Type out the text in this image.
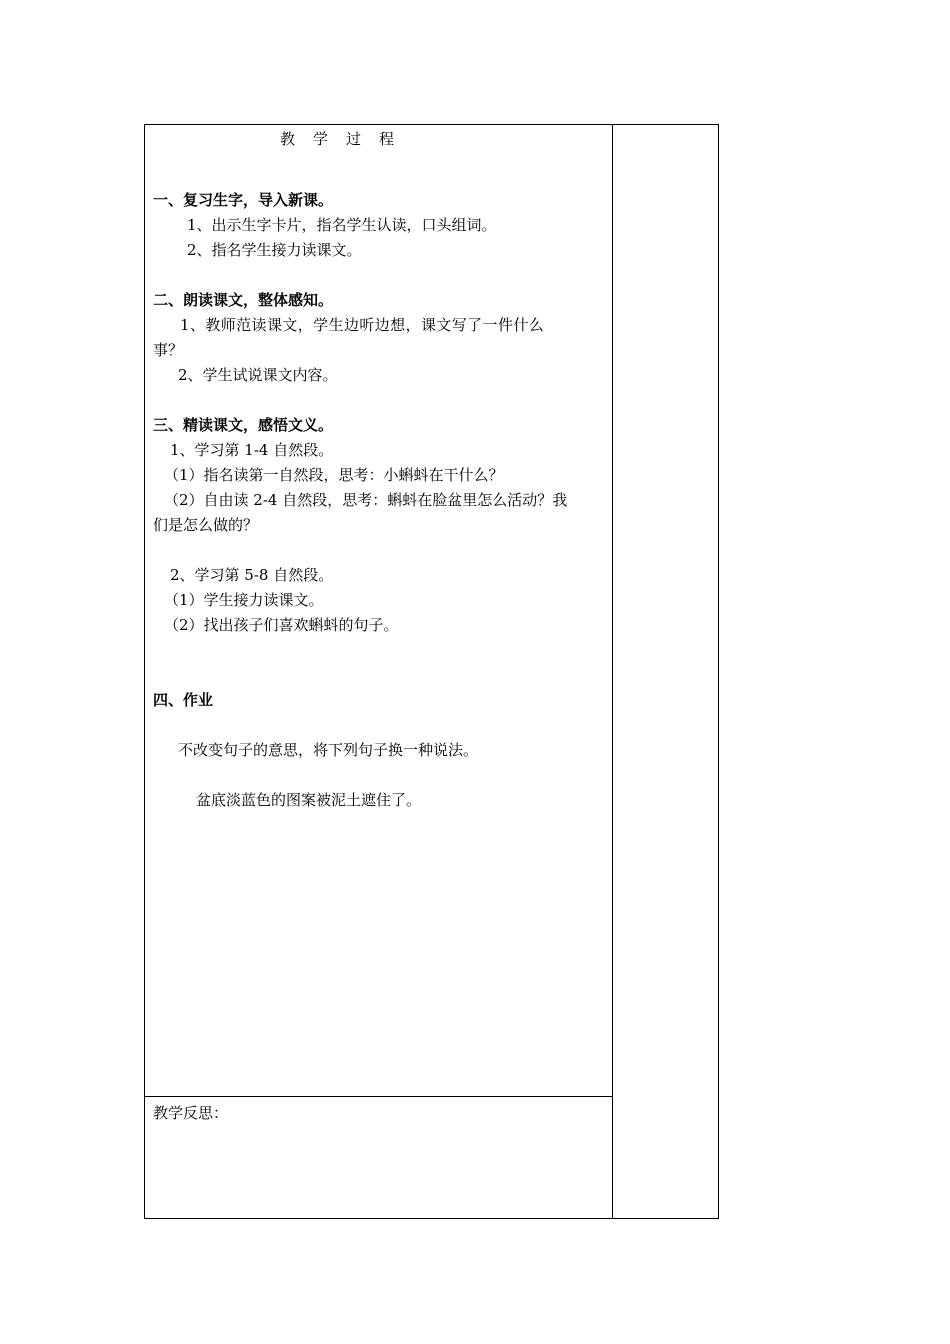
教 学 过 程
一、复习生字，导入新课。
1、出示生字卡片，指名学生认读，口头组词。
2、指名学生接力读课文。
二、朗读课文，整体感知。
1、教师范读课文，学生边听边想，课文写了一件什么
事？
2、学生试说课文内容。
三、精读课文，感悟文义。
1、学习第 1-4 自然段。
（1）指名读第一自然段，思考：小蝌蚪在干什么？
（2）自由读 2-4 自然段，思考：蝌蚪在脸盆里怎么活动？我
们是怎么做的？
2、学习第 5-8 自然段。
（1）学生接力读课文。
（2）找出孩子们喜欢蝌蚪的句子。
四、作业
不改变句子的意思，将下列句子换一种说法。
盆底淡蓝色的图案被泥土遮住了。
教学反思：
